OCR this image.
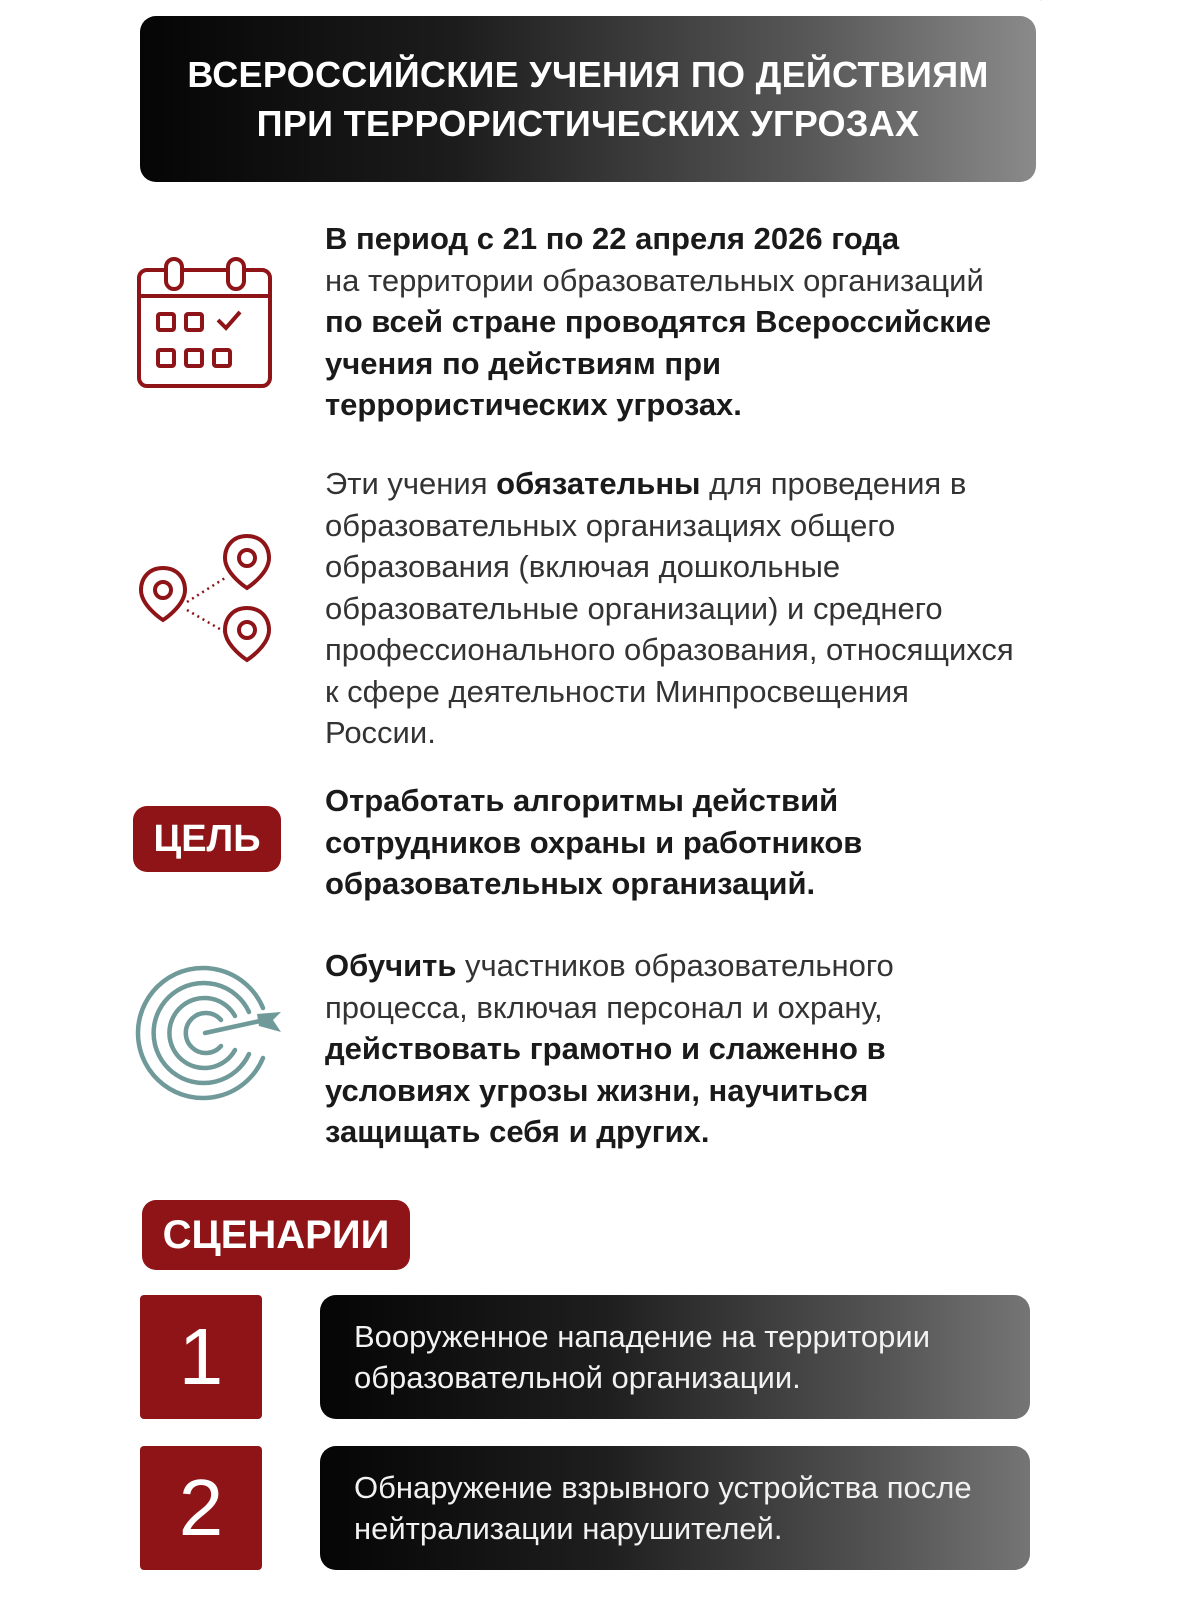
ВСЕРОССИЙСКИЕ УЧЕНИЯ ПО ДЕЙСТВИЯМ
ПРИ ТЕРРОРИСТИЧЕСКИХ УГРОЗАХ

В период с 21 по 22 апреля 2026 года
на территории образовательных организаций по всей стране проводятся Всероссийские учения по действиям при террористических угрозах.

Эти учения обязательны для проведения в образовательных организациях общего образования (включая дошкольные образовательные организации) и среднего профессионального образования, относящихся к сфере деятельности Минпросвещения России.

ЦЕЛЬ

Отработать алгоритмы действий сотрудников охраны и работников образовательных организаций.

Обучить участников образовательного процесса, включая персонал и охрану, действовать грамотно и слаженно в условиях угрозы жизни, научиться защищать себя и других.

СЦЕНАРИИ
1	Вооруженное нападение на территории образовательной организации.

2	Обнаружение взрывного устройства после нейтрализации нарушителей.
